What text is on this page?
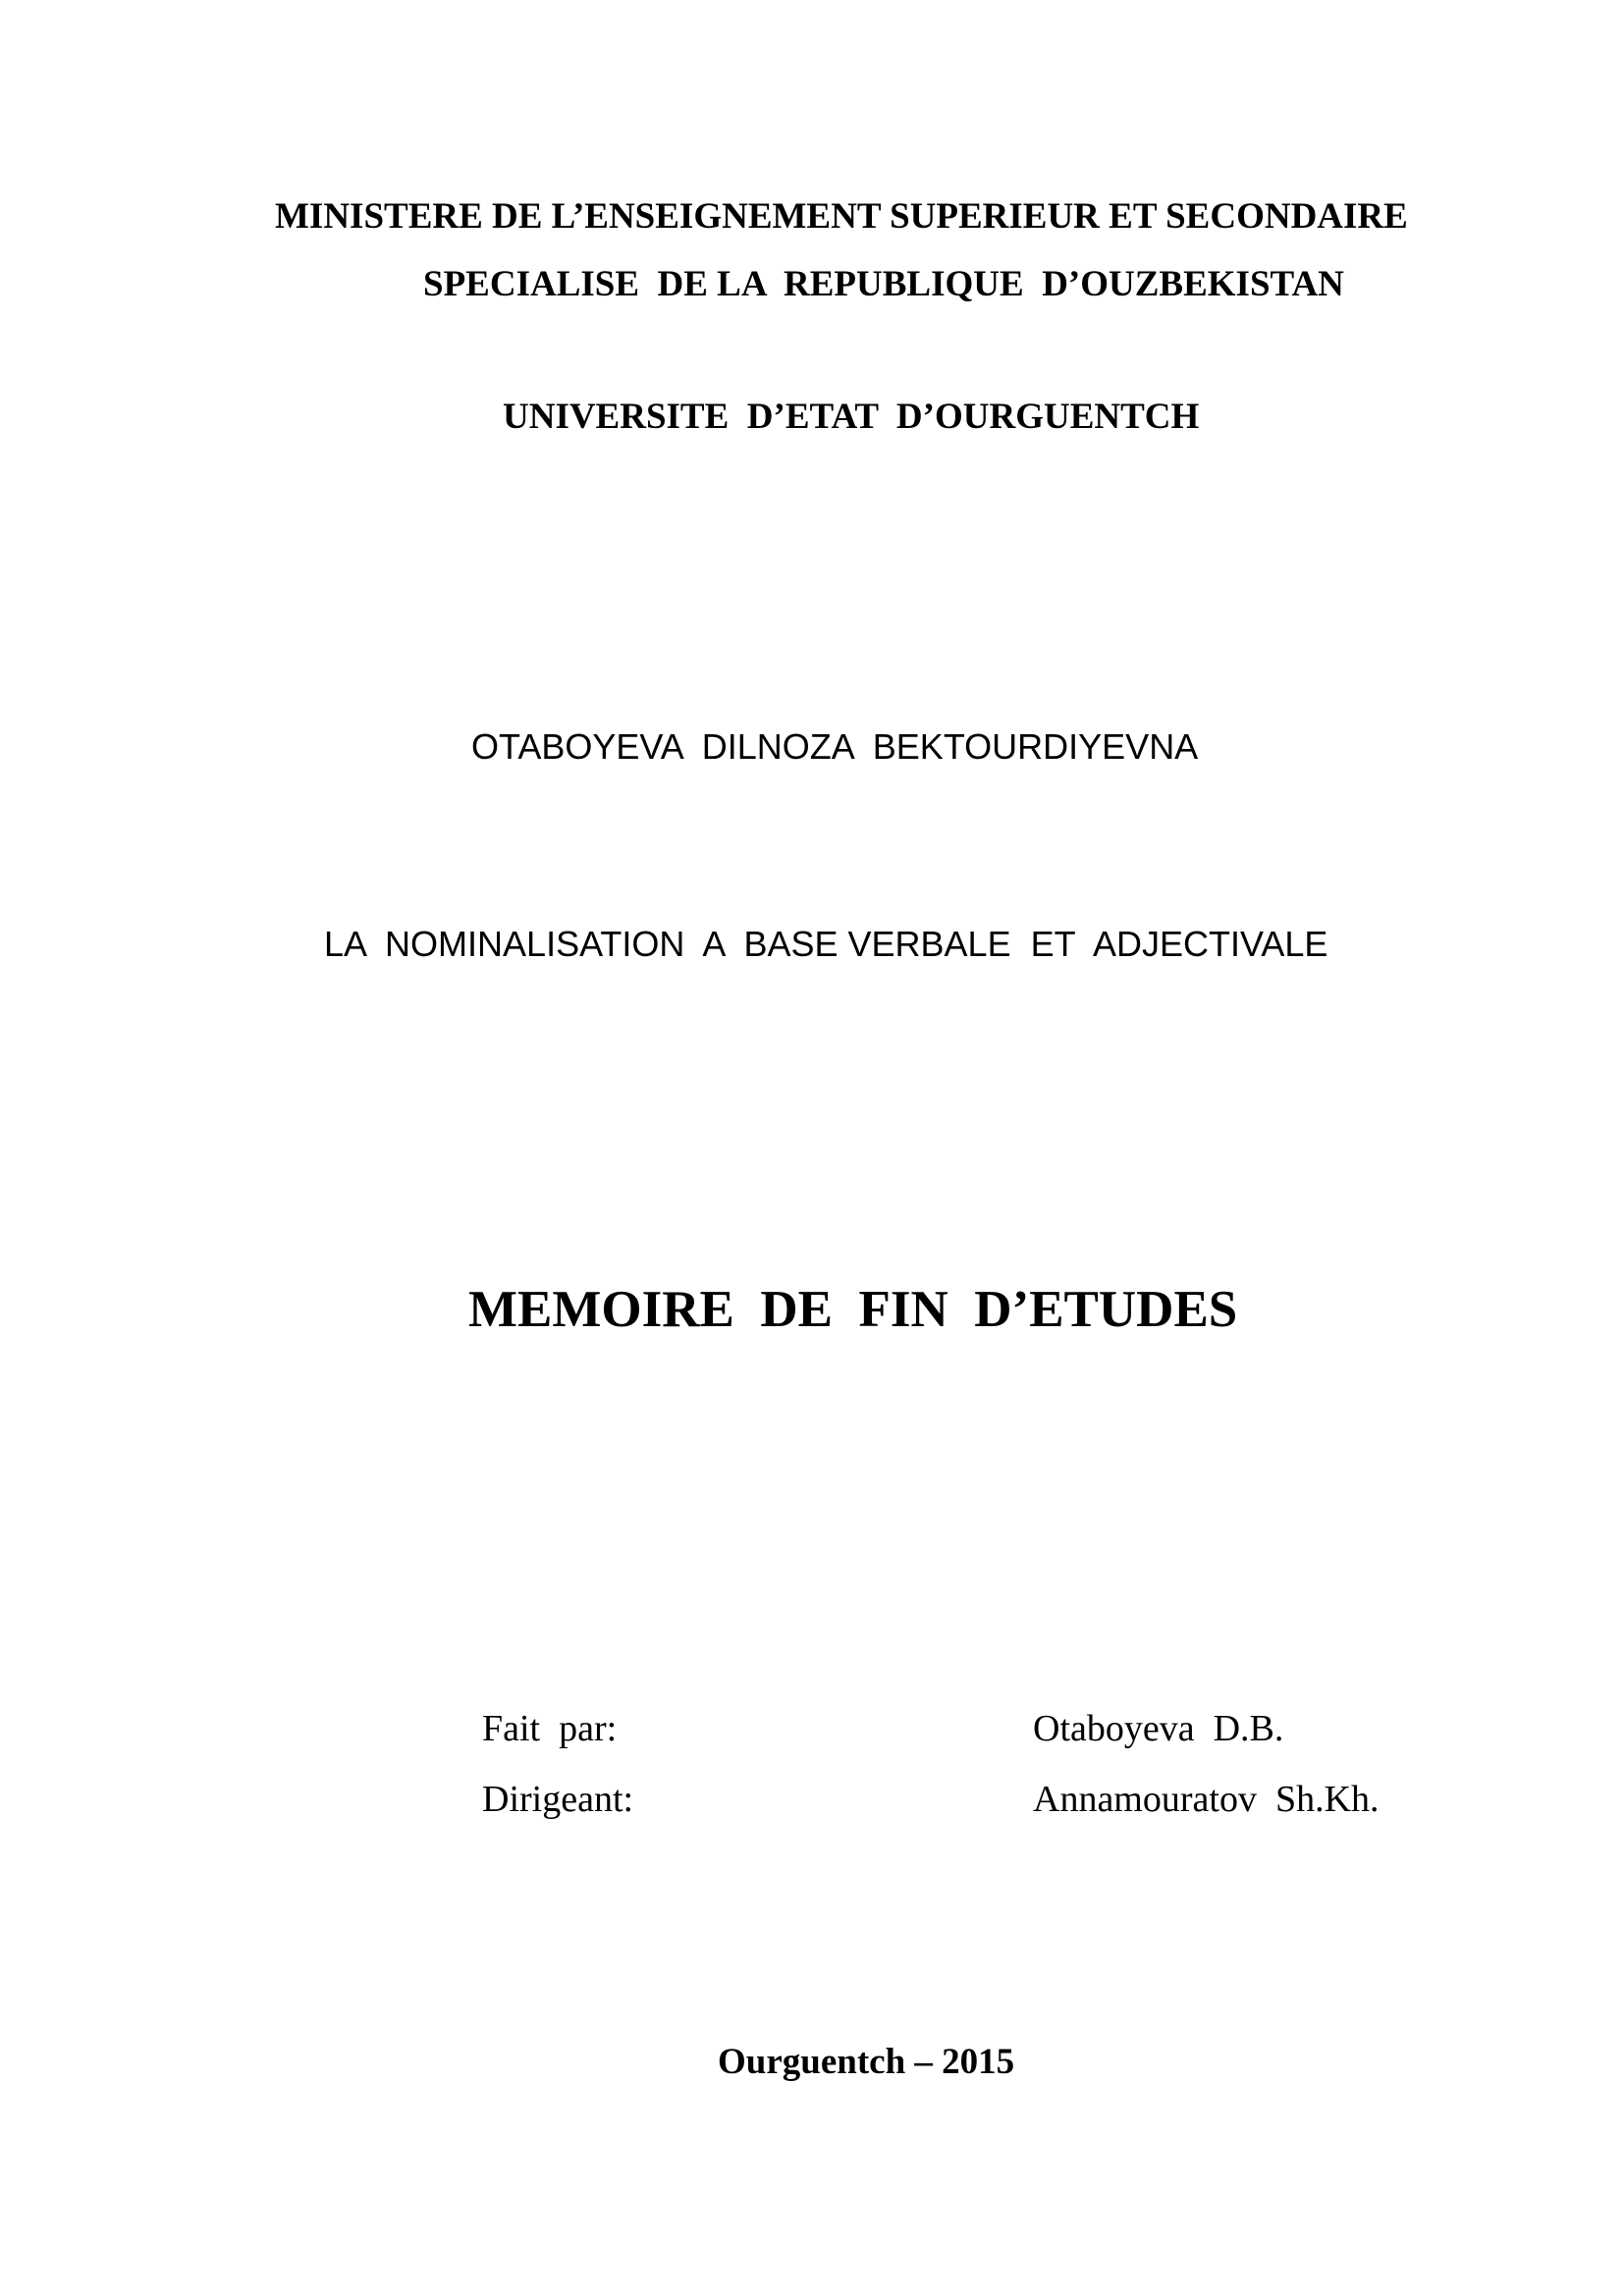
MINISTERE DE L’ENSEIGNEMENT SUPERIEUR ET SECONDAIRE
SPECIALISE  DE LA  REPUBLIQUE  D’OUZBEKISTAN
UNIVERSITE  D’ETAT  D’OURGUENTCH
OTABOYEVA  DILNOZA  BEKTOURDIYEVNA
LA  NOMINALISATION  A  BASE VERBALE  ET  ADJECTIVALE
MEMOIRE  DE  FIN  D’ETUDES
Fait  par:	Otaboyeva  D.B.
Dirigeant:	Annamouratov  Sh.Kh.
Ourguentch – 2015
